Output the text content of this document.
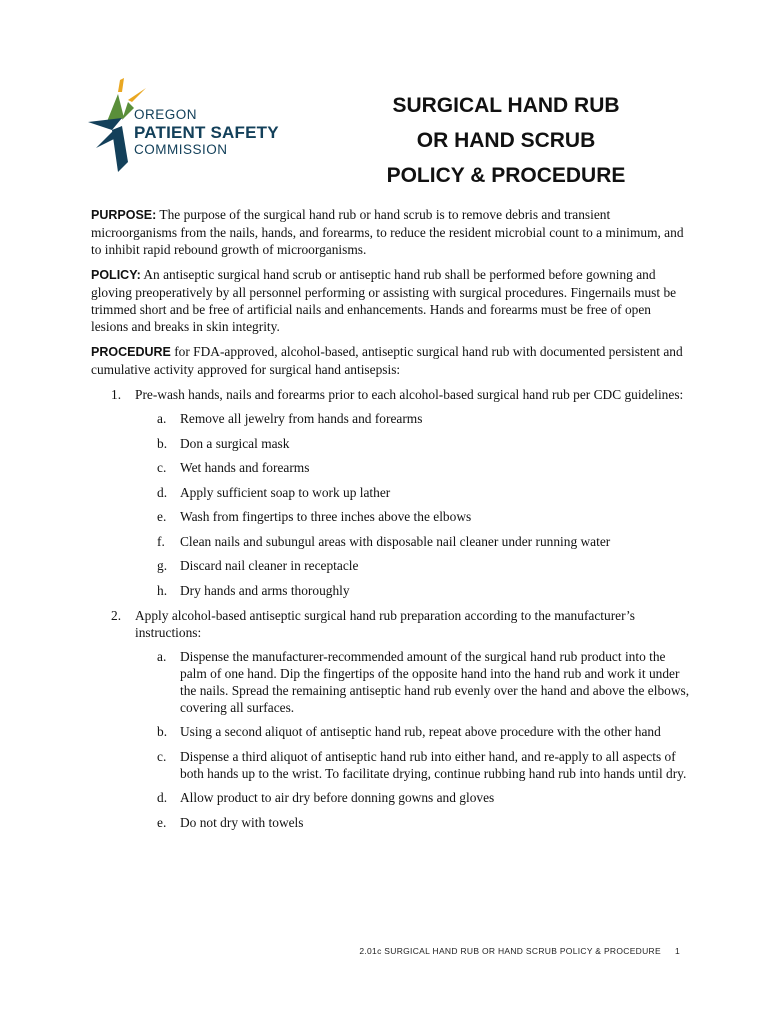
OREGON
PATIENT SAFETY
COMMISSION
SURGICAL HAND RUB
OR HAND SCRUB
POLICY & PROCEDURE

PURPOSE: The purpose of the surgical hand rub or hand scrub is to remove debris and transient microorganisms from the nails, hands, and forearms, to reduce the resident microbial count to a minimum, and to inhibit rapid rebound growth of microorganisms.

POLICY: An antiseptic surgical hand scrub or antiseptic hand rub shall be performed before gowning and gloving preoperatively by all personnel performing or assisting with surgical procedures. Fingernails must be trimmed short and be free of artificial nails and enhancements. Hands and forearms must be free of open lesions and breaks in skin integrity.

PROCEDURE for FDA-approved, alcohol-based, antiseptic surgical hand rub with documented persistent and cumulative activity approved for surgical hand antisepsis:

1. Pre-wash hands, nails and forearms prior to each alcohol-based surgical hand rub per CDC guidelines:
a. Remove all jewelry from hands and forearms
b. Don a surgical mask
c. Wet hands and forearms
d. Apply sufficient soap to work up lather
e. Wash from fingertips to three inches above the elbows
f. Clean nails and subungul areas with disposable nail cleaner under running water
g. Discard nail cleaner in receptacle
h. Dry hands and arms thoroughly
2. Apply alcohol-based antiseptic surgical hand rub preparation according to the manufacturer’s instructions:
a. Dispense the manufacturer-recommended amount of the surgical hand rub product into the palm of one hand. Dip the fingertips of the opposite hand into the hand rub and work it under the nails. Spread the remaining antiseptic hand rub evenly over the hand and above the elbows, covering all surfaces.
b. Using a second aliquot of antiseptic hand rub, repeat above procedure with the other hand
c. Dispense a third aliquot of antiseptic hand rub into either hand, and re-apply to all aspects of both hands up to the wrist. To facilitate drying, continue rubbing hand rub into hands until dry.
d. Allow product to air dry before donning gowns and gloves
e. Do not dry with towels
2.01c SURGICAL HAND RUB OR HAND SCRUB POLICY & PROCEDURE 1
